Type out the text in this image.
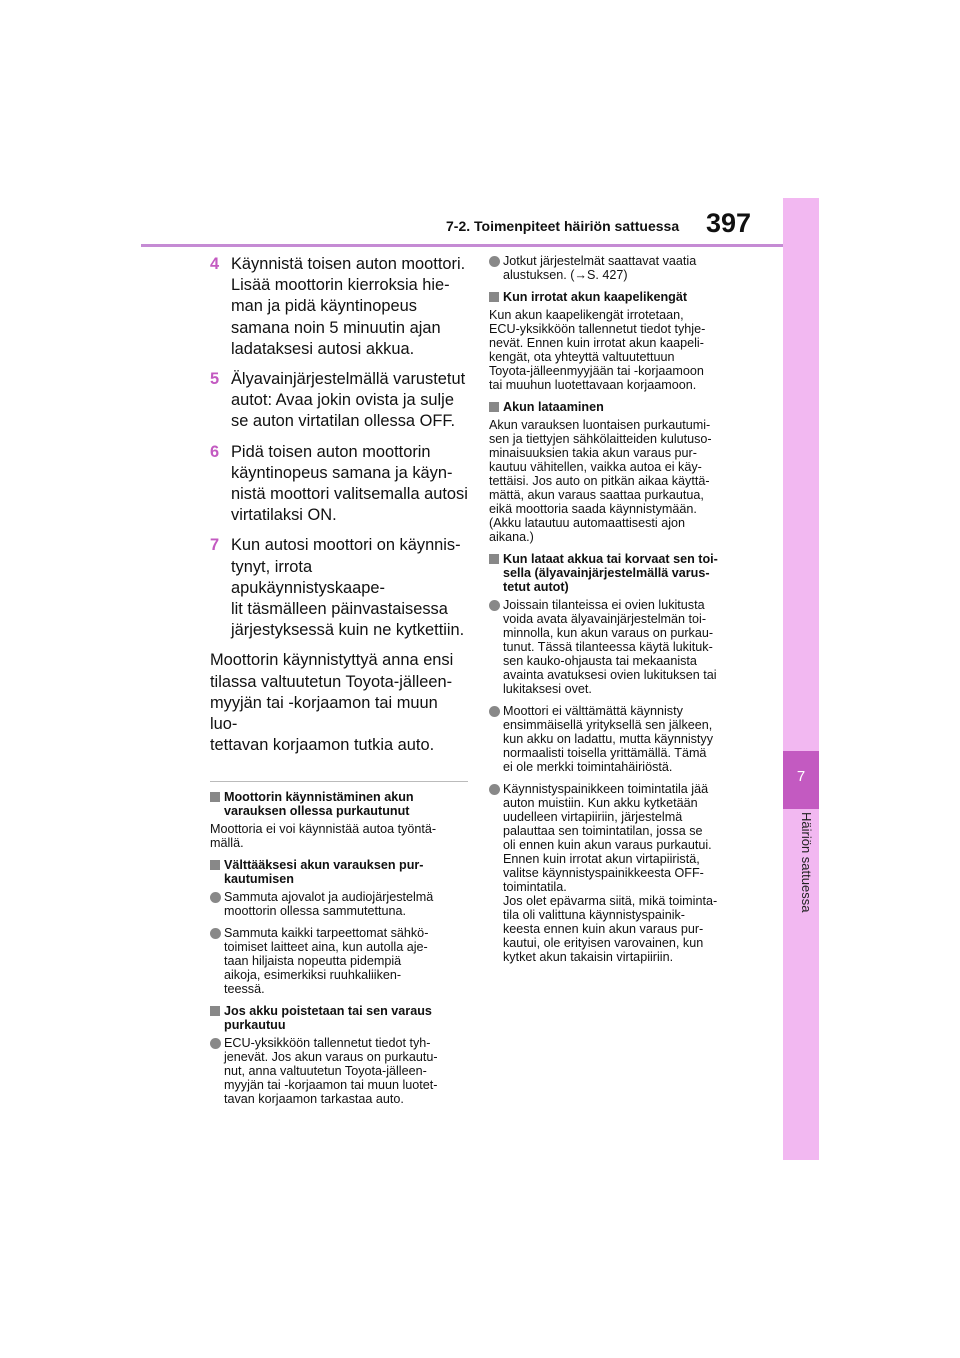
7-2. Toimenpiteet häiriön sattuessa 397
7
Häiriön sattuessa
4 Käynnistä toisen auton moottori.
Lisää moottorin kierroksia hie-
man ja pidä käyntinopeus
samana noin 5 minuutin ajan
ladataksesi autosi akkua.
5 Älyavainjärjestelmällä varustetut
autot: Avaa jokin ovista ja sulje
se auton virtatilan ollessa OFF.
6 Pidä toisen auton moottorin
käyntinopeus samana ja käyn-
nistä moottori valitsemalla autosi
virtatilaksi ON.
7 Kun autosi moottori on käynnis-
tynyt, irrota apukäynnistyskaape-
lit täsmälleen päinvastaisessa
järjestyksessä kuin ne kytkettiin.
Moottorin käynnistyttyä anna ensi
tilassa valtuutetun Toyota-jälleen-
myyjän tai -korjaamon tai muun luo-
tettavan korjaamon tutkia auto.
Moottorin käynnistäminen akun
varauksen ollessa purkautunut
Moottoria ei voi käynnistää autoa työntä-
mällä.
Välttääksesi akun varauksen pur-
kautumisen
Sammuta ajovalot ja audiojärjestelmä
moottorin ollessa sammutettuna.
Sammuta kaikki tarpeettomat sähkö-
toimiset laitteet aina, kun autolla aje-
taan hiljaista nopeutta pidempiä
aikoja, esimerkiksi ruuhkaliiken-
teessä.
Jos akku poistetaan tai sen varaus
purkautuu
ECU-yksikköön tallennetut tiedot tyh-
jenevät. Jos akun varaus on purkautu-
nut, anna valtuutetun Toyota-jälleen-
myyjän tai -korjaamon tai muun luotet-
tavan korjaamon tarkastaa auto.
Jotkut järjestelmät saattavat vaatia
alustuksen. (→S. 427)
Kun irrotat akun kaapelikengät
Kun akun kaapelikengät irrotetaan,
ECU-yksikköön tallennetut tiedot tyhje-
nevät. Ennen kuin irrotat akun kaapeli-
kengät, ota yhteyttä valtuutettuun
Toyota-jälleenmyyjään tai -korjaamoon
tai muuhun luotettavaan korjaamoon.
Akun lataaminen
Akun varauksen luontaisen purkautumi-
sen ja tiettyjen sähkölaitteiden kulutuso-
minaisuuksien takia akun varaus pur-
kautuu vähitellen, vaikka autoa ei käy-
tettäisi. Jos auto on pitkän aikaa käyttä-
mättä, akun varaus saattaa purkautua,
eikä moottoria saada käynnistymään.
(Akku latautuu automaattisesti ajon
aikana.)
Kun lataat akkua tai korvaat sen toi-
sella (älyavainjärjestelmällä varus-
tetut autot)
Joissain tilanteissa ei ovien lukitusta
voida avata älyavainjärjestelmän toi-
minnolla, kun akun varaus on purkau-
tunut. Tässä tilanteessa käytä lukituk-
sen kauko-ohjausta tai mekaanista
avainta avatuksesi ovien lukituksen tai
lukitaksesi ovet.
Moottori ei välttämättä käynnisty
ensimmäisellä yrityksellä sen jälkeen,
kun akku on ladattu, mutta käynnistyy
normaalisti toisella yrittämällä. Tämä
ei ole merkki toimintahäiriöstä.
Käynnistyspainikkeen toimintatila jää
auton muistiin. Kun akku kytketään
uudelleen virtapiiriin, järjestelmä
palauttaa sen toimintatilan, jossa se
oli ennen kuin akun varaus purkautui.
Ennen kuin irrotat akun virtapiiristä,
valitse käynnistyspainikkeesta OFF-
toimintatila.
Jos olet epävarma siitä, mikä toiminta-
tila oli valittuna käynnistyspainik-
keesta ennen kuin akun varaus pur-
kautui, ole erityisen varovainen, kun
kytket akun takaisin virtapiiriin.
